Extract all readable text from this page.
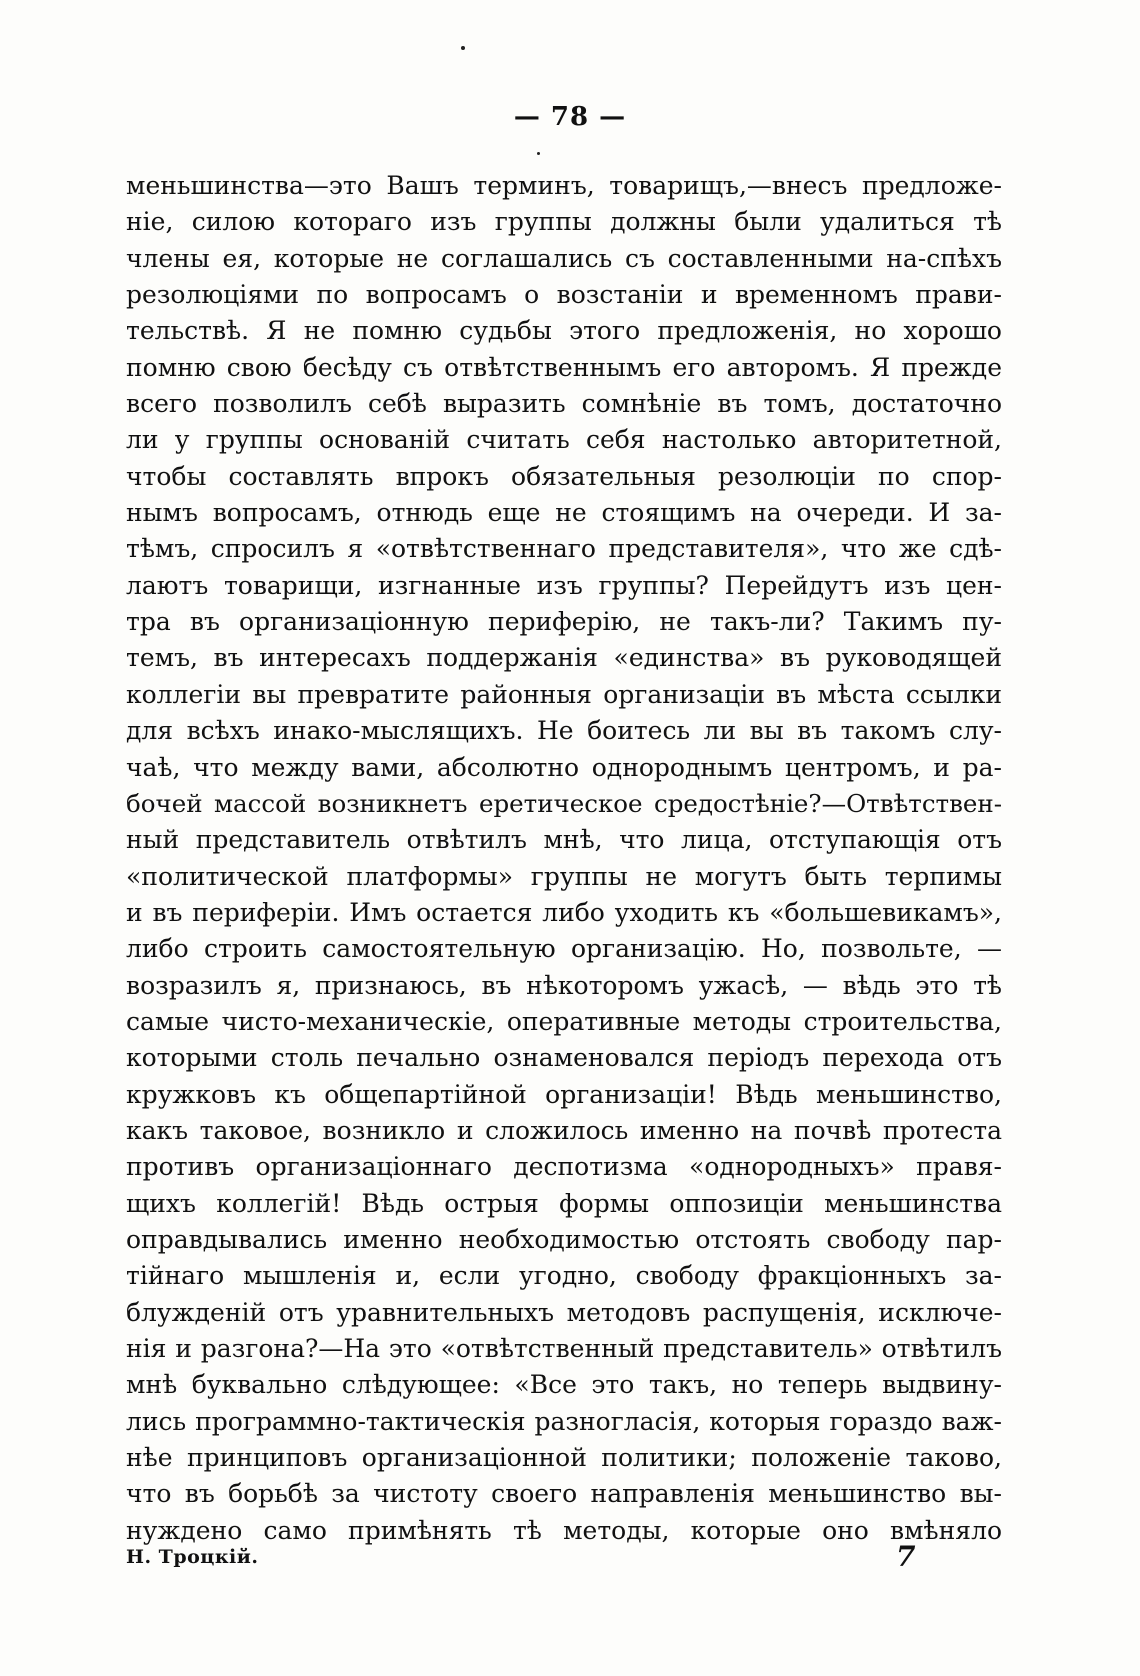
— 78 —
меньшинства—это Вашъ терминъ, товарищъ,—внесъ предложе-
нiе, силою котораго изъ группы должны были удалиться тѣ
члены ея, которые не соглашались съ составленными на-спѣхъ
резолюцiями по вопросамъ о возстанiи и временномъ прави-
тельствѣ. Я не помню судьбы этого предложенiя, но хорошо
помню свою бесѣду съ отвѣтственнымъ его авторомъ. Я прежде
всего позволилъ себѣ выразить сомнѣнiе въ томъ, достаточно
ли у группы основанiй считать себя настолько авторитетной,
чтобы составлять впрокъ обязательныя резолюцiи по спор-
нымъ вопросамъ, отнюдь еще не стоящимъ на очереди. И за-
тѣмъ, спросилъ я «отвѣтственнаго представителя», что же сдѣ-
лаютъ товарищи, изгнанные изъ группы? Перейдутъ изъ цен-
тра въ организацiонную периферiю, не такъ-ли? Такимъ пу-
темъ, въ интересахъ поддержанiя «единства» въ руководящей
коллегiи вы превратите районныя организацiи въ мѣста ссылки
для всѣхъ инако-мыслящихъ. Не боитесь ли вы въ такомъ слу-
чаѣ, что между вами, абсолютно однороднымъ центромъ, и ра-
бочей массой возникнетъ еретическое средостѣнiе?—Отвѣтствен-
ный представитель отвѣтилъ мнѣ, что лица, отступающiя отъ
«политической платформы» группы не могутъ быть терпимы
и въ периферiи. Имъ остается либо уходить къ «большевикамъ»,
либо строить самостоятельную организацiю. Но, позвольте, —
возразилъ я, признаюсь, въ нѣкоторомъ ужасѣ, — вѣдь это тѣ
самые чисто-механическiе, оперативные методы строительства,
которыми столь печально ознаменовался перiодъ перехода отъ
кружковъ къ общепартiйной организацiи! Вѣдь меньшинство,
какъ таковое, возникло и сложилось именно на почвѣ протеста
противъ организацiоннаго деспотизма «однородныхъ» правя-
щихъ коллегiй! Вѣдь острыя формы оппозицiи меньшинства
оправдывались именно необходимостью отстоять свободу пар-
тiйнаго мышленiя и, если угодно, свободу фракцiонныхъ за-
блужденiй отъ уравнительныхъ методовъ распущенiя, исключе-
нiя и разгона?—На это «отвѣтственный представитель» отвѣтилъ
мнѣ буквально слѣдующее: «Все это такъ, но теперь выдвину-
лись программно-тактическiя разногласiя, которыя гораздо важ-
нѣе принциповъ организацiонной политики; положенiе таково,
что въ борьбѣ за чистоту своего направленiя меньшинство вы-
нуждено само примѣнять тѣ методы, которые оно вмѣняло
Н. Троцкiй.	7
